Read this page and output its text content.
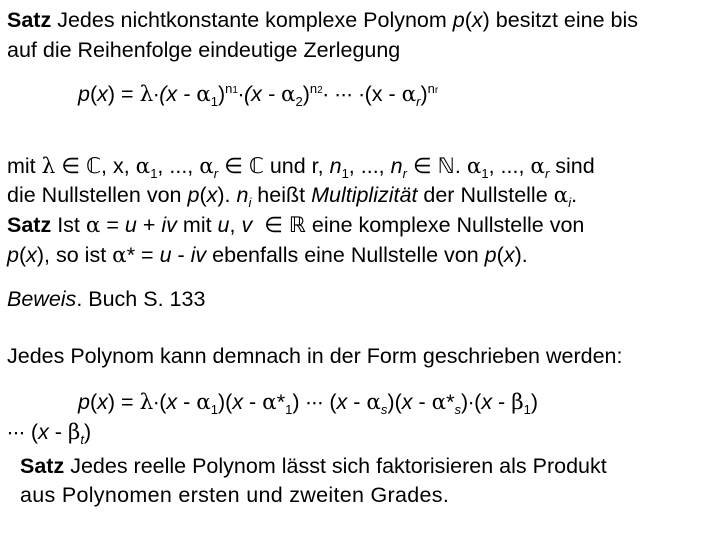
Satz Jedes nichtkonstante komplexe Polynom p(x) besitzt eine bis
auf die Reihenfolge eindeutige Zerlegung
$p(x) = \lambda\cdot(x - \alpha_1)^{n1}\cdot(x - \alpha_2)^{n2}\cdot$ ∙∙∙ $\cdot(x - \alpha_r)^{nr}$
mit λ ∈ ℂ, x, $\alpha_1$, ..., $\alpha_r$ ∈ ℂ und r, $n_1$, ..., $n_r$ ∈ ℕ. $\alpha_1$, ..., $\alpha_r$ sind
die Nullstellen von p(x). $n_i$ heißt Multiplizität der Nullstelle $\alpha_i$.
Satz Ist α = u + iv mit u, v ∈ ℝ eine komplexe Nullstelle von
p(x), so ist α* = u - iv ebenfalls eine Nullstelle von p(x).
Beweis. Buch S. 133
Jedes Polynom kann demnach in der Form geschrieben werden:
$p(x) = \lambda\cdot(x - \alpha_1)(x - \alpha*_1)$ ∙∙∙ $(x - \alpha_s)(x - \alpha*_s)\cdot(x - \beta_1)$
∙∙∙ $(x - \beta_t)$
Satz Jedes reelle Polynom lässt sich faktorisieren als Produkt
aus Polynomen ersten und zweiten Grades.
